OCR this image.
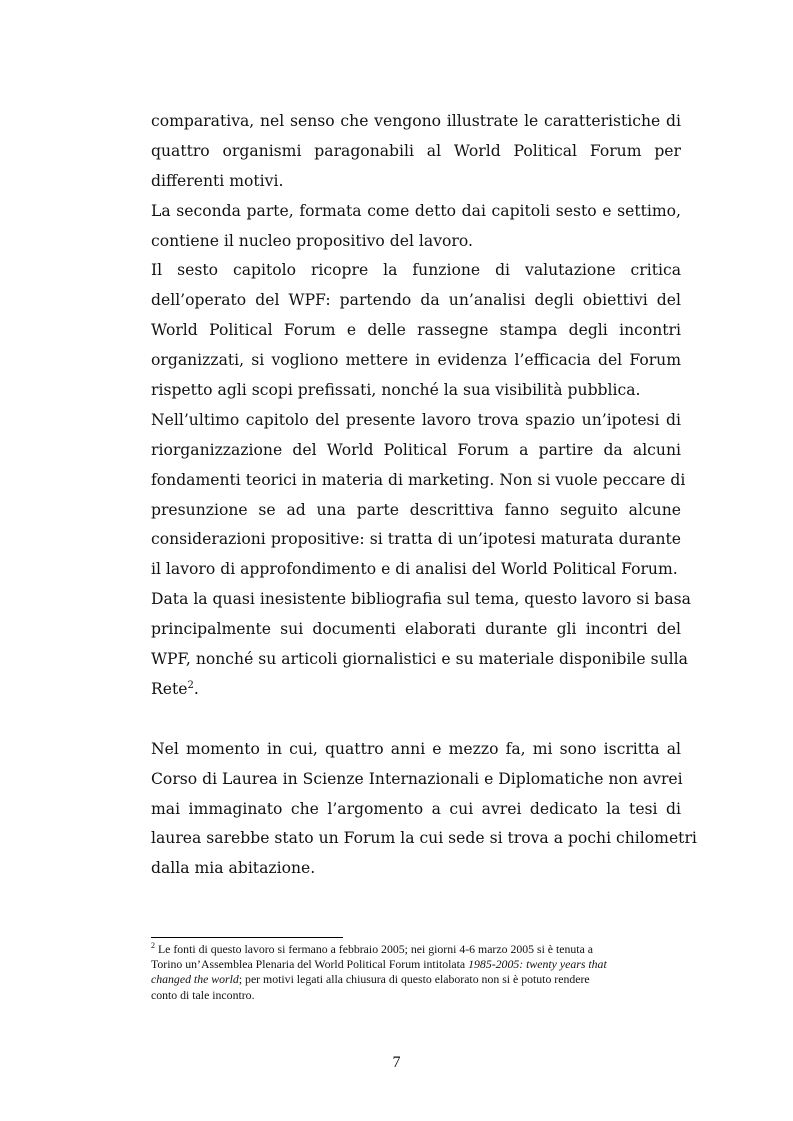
comparativa, nel senso che vengono illustrate le caratteristiche di
quattro organismi paragonabili al World Political Forum per
differenti motivi.
La seconda parte, formata come detto dai capitoli sesto e settimo,
contiene il nucleo propositivo del lavoro.
Il sesto capitolo ricopre la funzione di valutazione critica
dell’operato del WPF: partendo da un’analisi degli obiettivi del
World Political Forum e delle rassegne stampa degli incontri
organizzati, si vogliono mettere in evidenza l’efficacia del Forum
rispetto agli scopi prefissati, nonché la sua visibilità pubblica.
Nell’ultimo capitolo del presente lavoro trova spazio un’ipotesi di
riorganizzazione del World Political Forum a partire da alcuni
fondamenti teorici in materia di marketing. Non si vuole peccare di
presunzione se ad una parte descrittiva fanno seguito alcune
considerazioni propositive: si tratta di un’ipotesi maturata durante
il lavoro di approfondimento e di analisi del World Political Forum.
Data la quasi inesistente bibliografia sul tema, questo lavoro si basa
principalmente sui documenti elaborati durante gli incontri del
WPF, nonché su articoli giornalistici e su materiale disponibile sulla
Rete$^2$.
Nel momento in cui, quattro anni e mezzo fa, mi sono iscritta al
Corso di Laurea in Scienze Internazionali e Diplomatiche non avrei
mai immaginato che l’argomento a cui avrei dedicato la tesi di
laurea sarebbe stato un Forum la cui sede si trova a pochi chilometri
dalla mia abitazione.
$^2$ Le fonti di questo lavoro si fermano a febbraio 2005; nei giorni 4-6 marzo 2005 si è tenuta a
Torino un’Assemblea Plenaria del World Political Forum intitolata 1985-2005: twenty years that
changed the world; per motivi legati alla chiusura di questo elaborato non si è potuto rendere
conto di tale incontro.
7
